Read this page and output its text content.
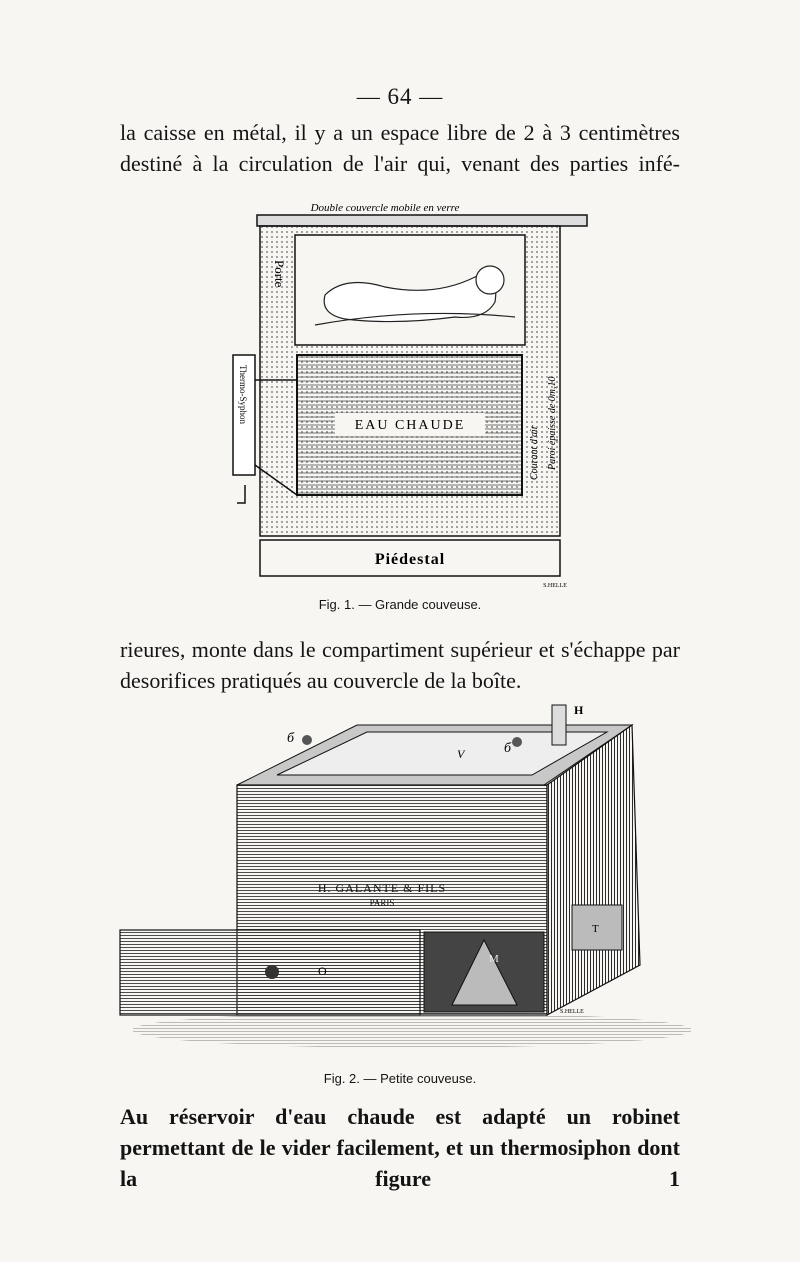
— 64 —

la caisse en métal, il y a un espace libre de 2 à 3 centimètres destiné à la circulation de l'air qui, venant des parties infé-

Double couvercle mobile en verre
EAU CHAUDE
Porte
Courant d'air Paroi épaisse de 0m,10
Thermo-Syphon
Piédestal
S.HELLE
Fig. 1. — Grande couveuse.

rieures, monte dans le compartiment supérieur et s'échappe par

desorifices pratiqués au couvercle de la boîte.

H. GALANTE & FILS
PARIS
H
V
б
б
O
M
T
S.HELLE
Fig. 2. — Petite couveuse.

Au réservoir d'eau chaude est adapté un robinet permettant de le vider facilement, et un thermosiphon dont la figure 1
